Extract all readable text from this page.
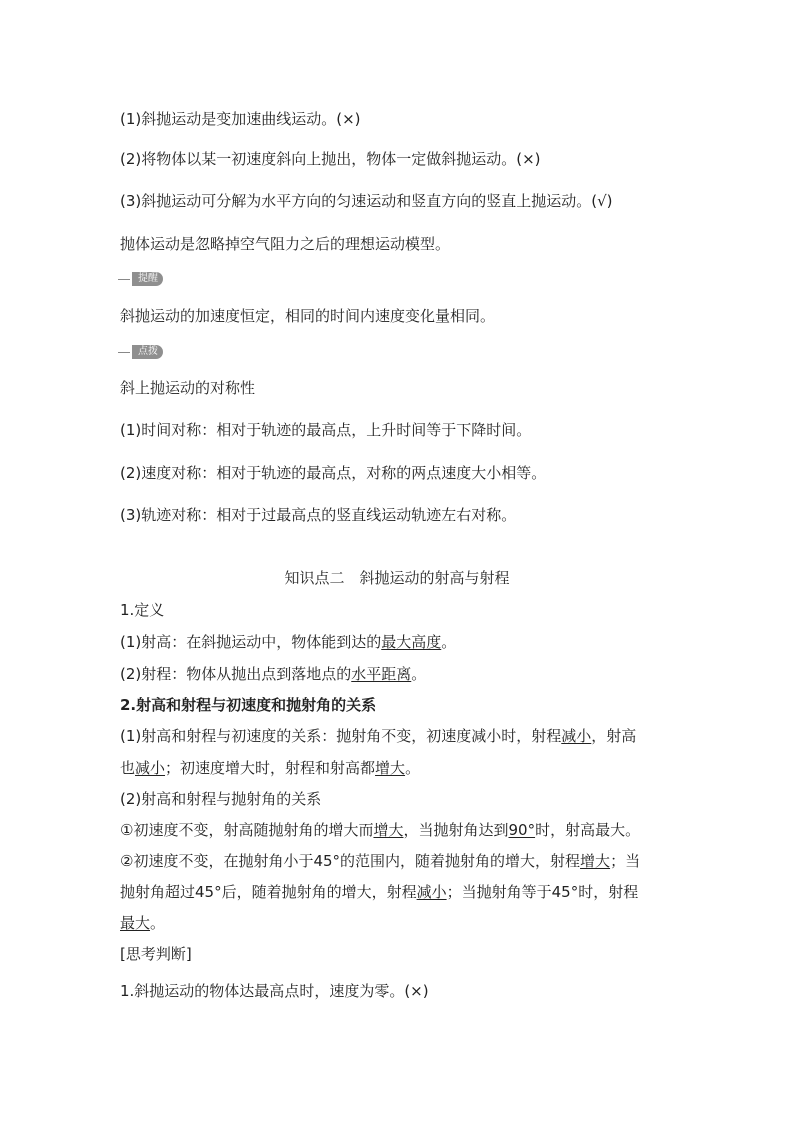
(1)斜抛运动是变加速曲线运动。(×)
(2)将物体以某一初速度斜向上抛出，物体一定做斜抛运动。(×)
(3)斜抛运动可分解为水平方向的匀速运动和竖直方向的竖直上抛运动。(√)
抛体运动是忽略掉空气阻力之后的理想运动模型。
提醒
斜抛运动的加速度恒定，相同的时间内速度变化量相同。
点拨
斜上抛运动的对称性
(1)时间对称：相对于轨迹的最高点，上升时间等于下降时间。
(2)速度对称：相对于轨迹的最高点，对称的两点速度大小相等。
(3)轨迹对称：相对于过最高点的竖直线运动轨迹左右对称。
知识点二　斜抛运动的射高与射程
1.定义
(1)射高：在斜抛运动中，物体能到达的最大高度。
(2)射程：物体从抛出点到落地点的水平距离。
2.射高和射程与初速度和抛射角的关系
(1)射高和射程与初速度的关系：抛射角不变，初速度减小时，射程减小，射高
也减小；初速度增大时，射程和射高都增大。
(2)射高和射程与抛射角的关系
①初速度不变，射高随抛射角的增大而增大，当抛射角达到90°时，射高最大。
②初速度不变，在抛射角小于45°的范围内，随着抛射角的增大，射程增大；当
抛射角超过45°后，随着抛射角的增大，射程减小；当抛射角等于45°时，射程
最大。
[思考判断]
1.斜抛运动的物体达最高点时，速度为零。(×)
